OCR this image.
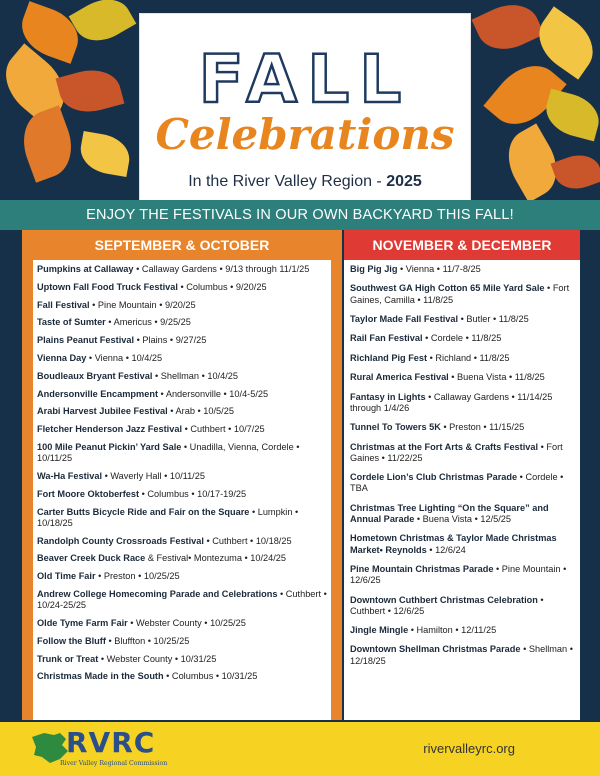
FALL
Celebrations
In the River Valley Region - 2025
ENJOY THE FESTIVALS IN OUR OWN BACKYARD THIS FALL!
SEPTEMBER & OCTOBER
Pumpkins at Callaway • Callaway Gardens • 9/13 through 11/1/25
Uptown Fall Food Truck Festival • Columbus • 9/20/25
Fall Festival • Pine Mountain • 9/20/25
Taste of Sumter • Americus • 9/25/25
Plains Peanut Festival • Plains • 9/27/25
Vienna Day • Vienna • 10/4/25
Boudleaux Bryant Festival • Shellman • 10/4/25
Andersonville Encampment • Andersonville • 10/4-5/25
Arabi Harvest Jubilee Festival • Arab • 10/5/25
Fletcher Henderson Jazz Festival • Cuthbert • 10/7/25
100 Mile Peanut Pickin’ Yard Sale • Unadilla, Vienna, Cordele • 10/11/25
Wa-Ha Festival • Waverly Hall • 10/11/25
Fort Moore Oktoberfest • Columbus • 10/17-19/25
Carter Butts Bicycle Ride and Fair on the Square • Lumpkin • 10/18/25
Randolph County Crossroads Festival • Cuthbert • 10/18/25
Beaver Creek Duck Race & Festival• Montezuma • 10/24/25
Old Time Fair • Preston • 10/25/25
Andrew College Homecoming Parade and Celebrations • Cuthbert • 10/24-25/25
Olde Tyme Farm Fair • Webster County • 10/25/25
Follow the Bluff • Bluffton • 10/25/25
Trunk or Treat • Webster County • 10/31/25
Christmas Made in the South • Columbus • 10/31/25
NOVEMBER & DECEMBER
Big Pig Jig • Vienna • 11/7-8/25
Southwest GA High Cotton 65 Mile Yard Sale • Fort Gaines, Camilla • 11/8/25
Taylor Made Fall Festival • Butler • 11/8/25
Rail Fan Festival • Cordele • 11/8/25
Richland Pig Fest • Richland • 11/8/25
Rural America Festival • Buena Vista • 11/8/25
Fantasy in Lights • Callaway Gardens • 11/14/25 through 1/4/26
Tunnel To Towers 5K • Preston • 11/15/25
Christmas at the Fort Arts & Crafts Festival • Fort Gaines • 11/22/25
Cordele Lion’s Club Christmas Parade • Cordele • TBA
Christmas Tree Lighting “On the Square” and Annual Parade • Buena Vista • 12/5/25
Hometown Christmas & Taylor Made Christmas Market• Reynolds • 12/6/24
Pine Mountain Christmas Parade • Pine Mountain • 12/6/25
Downtown Cuthbert Christmas Celebration • Cuthbert • 12/6/25
Jingle Mingle • Hamilton • 12/11/25
Downtown Shellman Christmas Parade • Shellman • 12/18/25
RVRC
River Valley Regional Commission
rivervalleyrc.org
